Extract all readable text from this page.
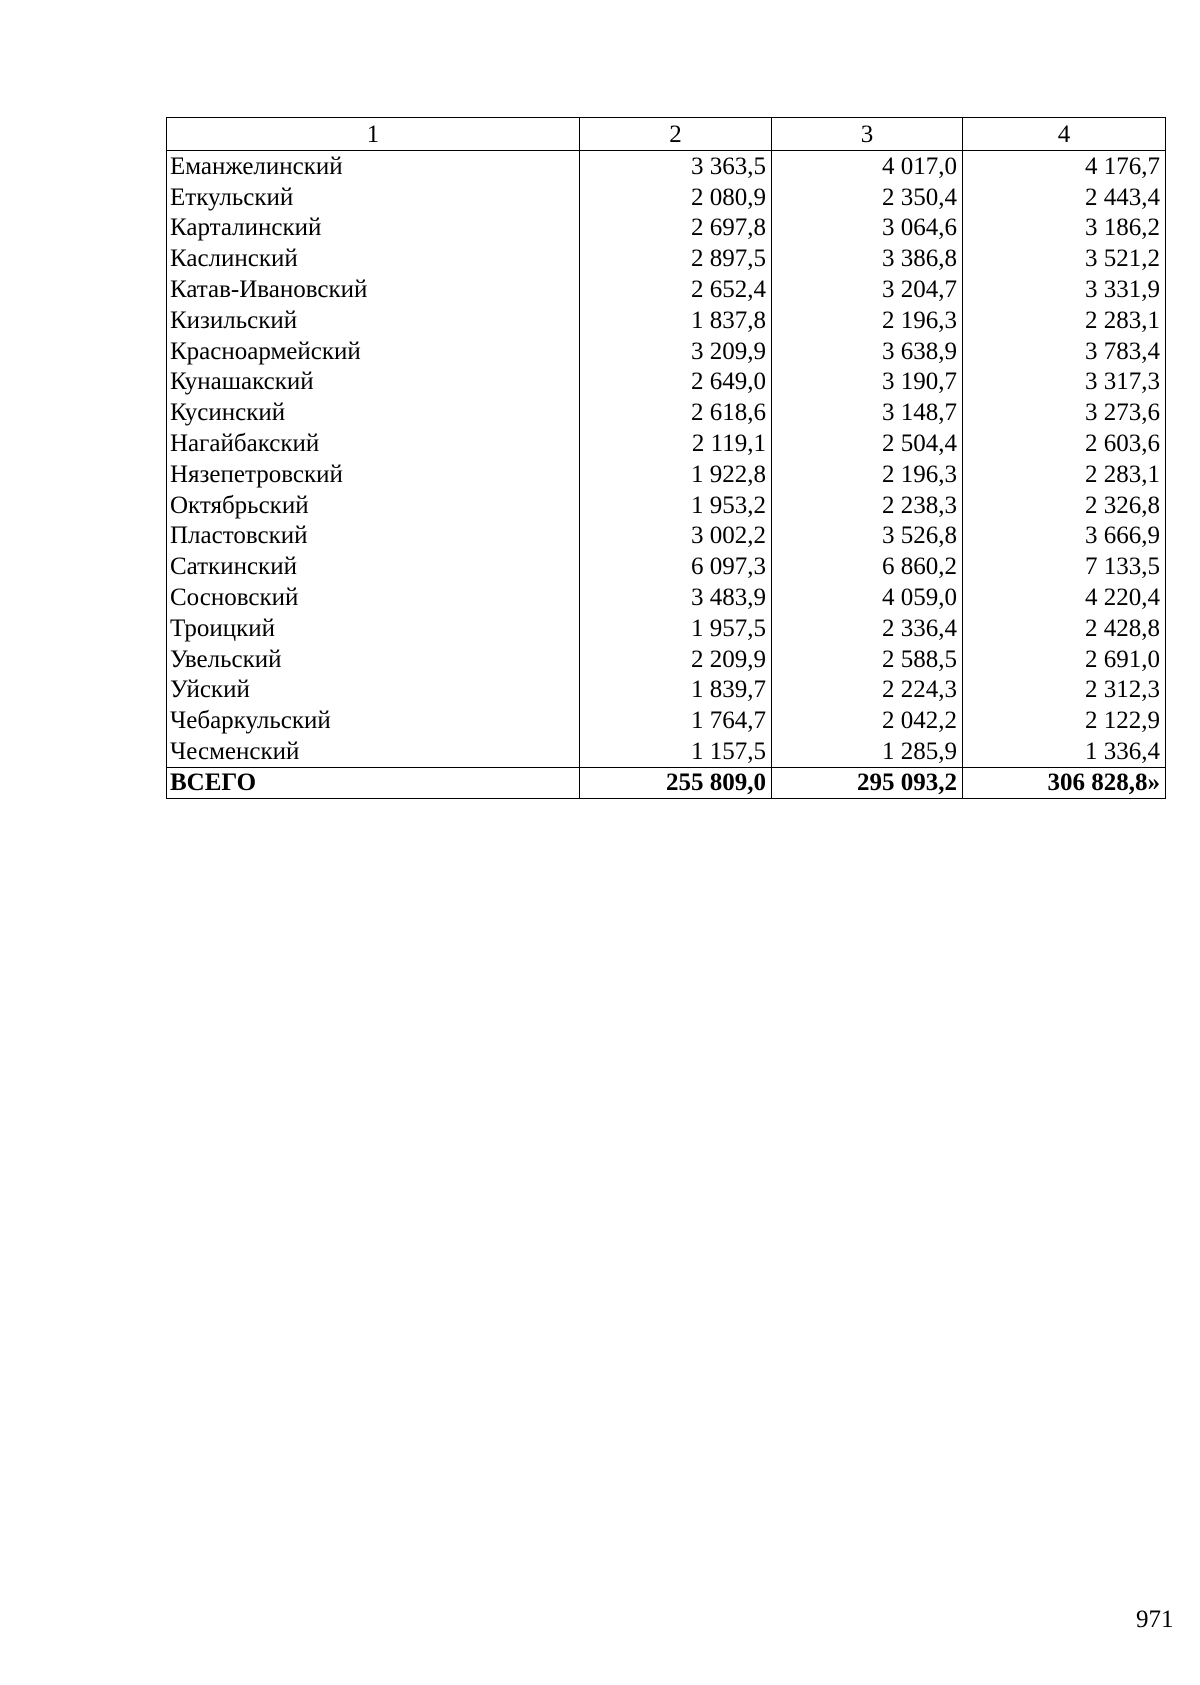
1	2	3	4
Еманжелинский	3 363,5	4 017,0	4 176,7
Еткульский	2 080,9	2 350,4	2 443,4
Карталинский	2 697,8	3 064,6	3 186,2
Каслинский	2 897,5	3 386,8	3 521,2
Катав-Ивановский	2 652,4	3 204,7	3 331,9
Кизильский	1 837,8	2 196,3	2 283,1
Красноармейский	3 209,9	3 638,9	3 783,4
Кунашакский	2 649,0	3 190,7	3 317,3
Кусинский	2 618,6	3 148,7	3 273,6
Нагайбакский	2 119,1	2 504,4	2 603,6
Нязепетровский	1 922,8	2 196,3	2 283,1
Октябрьский	1 953,2	2 238,3	2 326,8
Пластовский	3 002,2	3 526,8	3 666,9
Саткинский	6 097,3	6 860,2	7 133,5
Сосновский	3 483,9	4 059,0	4 220,4
Троицкий	1 957,5	2 336,4	2 428,8
Увельский	2 209,9	2 588,5	2 691,0
Уйский	1 839,7	2 224,3	2 312,3
Чебаркульский	1 764,7	2 042,2	2 122,9
Чесменский	1 157,5	1 285,9	1 336,4
ВСЕГО	255 809,0	295 093,2	306 828,8»
971
